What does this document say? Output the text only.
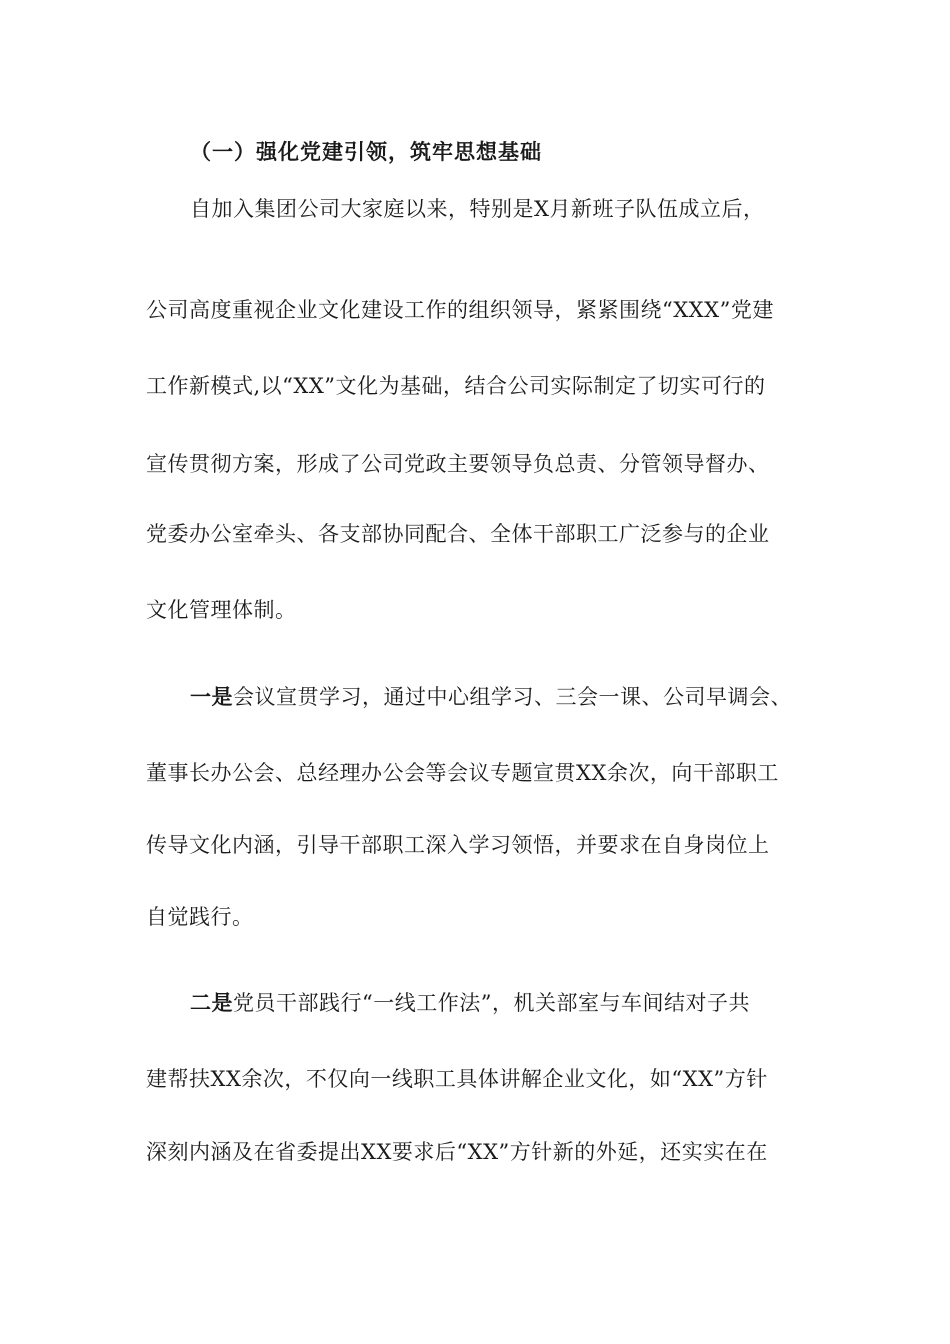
（一）强化党建引领，筑牢思想基础
自加入集团公司大家庭以来，特别是X月新班子队伍成立后，
公司高度重视企业文化建设工作的组织领导，紧紧围绕“XXX”党建
工作新模式,以“XX”文化为基础，结合公司实际制定了切实可行的
宣传贯彻方案，形成了公司党政主要领导负总责、分管领导督办、
党委办公室牵头、各支部协同配合、全体干部职工广泛参与的企业
文化管理体制。
一是会议宣贯学习，通过中心组学习、三会一课、公司早调会、
董事长办公会、总经理办公会等会议专题宣贯XX余次，向干部职工
传导文化内涵，引导干部职工深入学习领悟，并要求在自身岗位上
自觉践行。
二是党员干部践行“一线工作法”，机关部室与车间结对子共
建帮扶XX余次，不仅向一线职工具体讲解企业文化，如“XX”方针
深刻内涵及在省委提出XX要求后“XX”方针新的外延，还实实在在
